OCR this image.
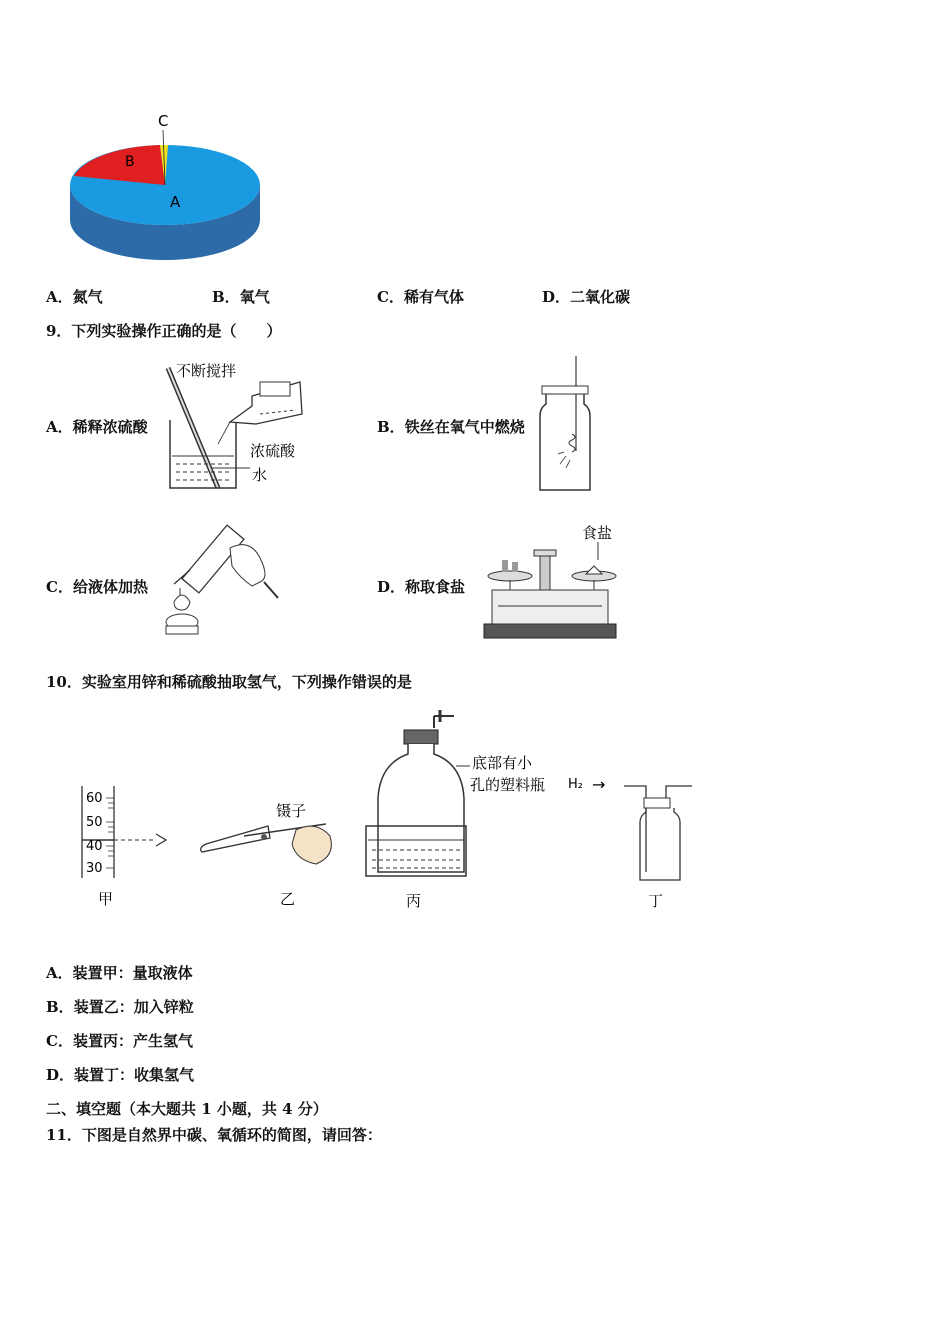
C
B
A
A．氮气	B．氧气	C．稀有气体	D．二氧化碳
9．下列实验操作正确的是（　　）
A．稀释浓硫酸
不断搅拌
浓硫酸
水
B．铁丝在氧气中燃烧
C．给液体加热	D．称取食盐
食盐
10．实验室用锌和稀硫酸抽取氢气，下列操作错误的是
60
50
40
30
甲
镊子
乙
底部有小
孔的塑料瓶
丙
H₂ →
丁
A．装置甲：量取液体
B．装置乙：加入锌粒
C．装置丙：产生氢气
D．装置丁：收集氢气
二、填空题（本大题共 1 小题，共 4 分）
11．下图是自然界中碳、氧循环的简图，请回答：
